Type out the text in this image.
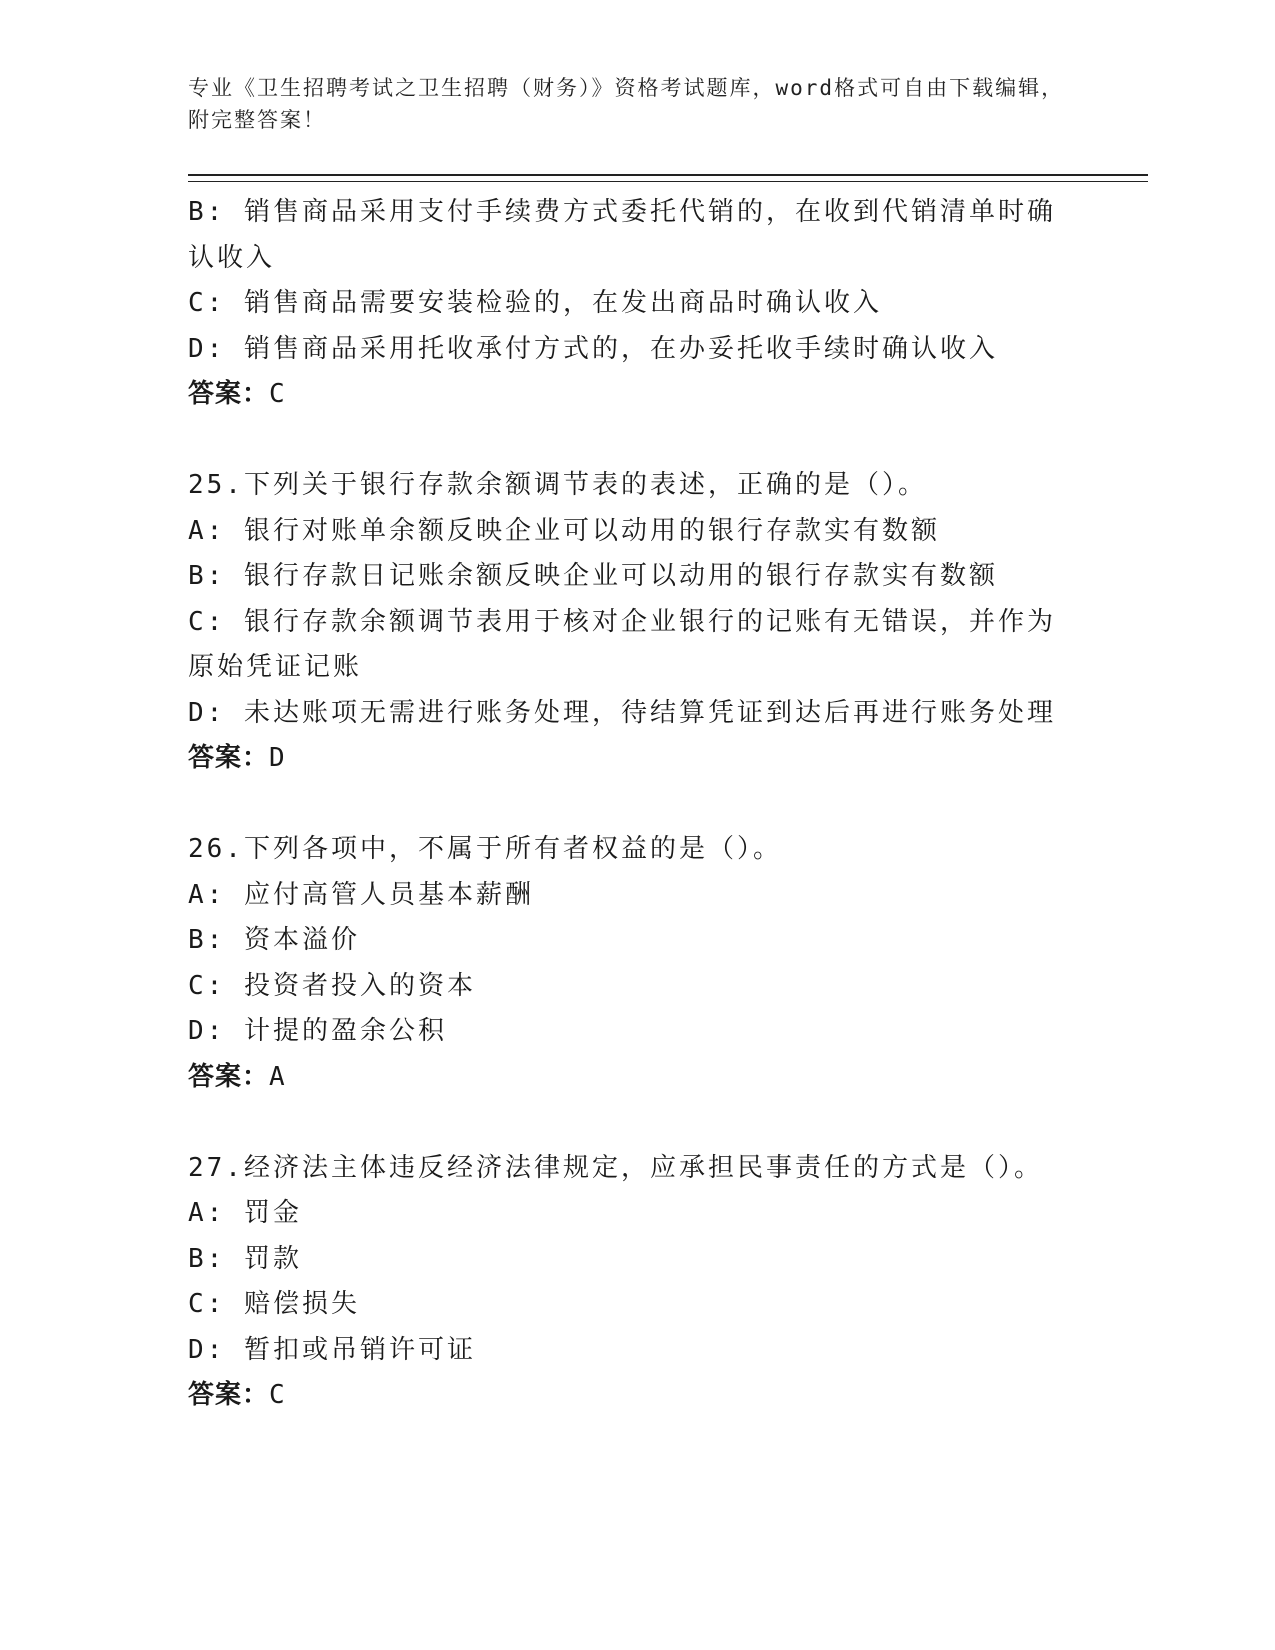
专业《卫生招聘考试之卫生招聘（财务）》资格考试题库，word格式可自由下载编辑，附完整答案！
B: 销售商品采用支付手续费方式委托代销的，在收到代销清单时确认收入
C: 销售商品需要安装检验的，在发出商品时确认收入
D: 销售商品采用托收承付方式的，在办妥托收手续时确认收入
答案：C
25.下列关于银行存款余额调节表的表述，正确的是（）。
A: 银行对账单余额反映企业可以动用的银行存款实有数额
B: 银行存款日记账余额反映企业可以动用的银行存款实有数额
C: 银行存款余额调节表用于核对企业银行的记账有无错误，并作为原始凭证记账
D: 未达账项无需进行账务处理，待结算凭证到达后再进行账务处理
答案：D
26.下列各项中，不属于所有者权益的是（）。
A: 应付高管人员基本薪酬
B: 资本溢价
C: 投资者投入的资本
D: 计提的盈余公积
答案：A
27.经济法主体违反经济法律规定，应承担民事责任的方式是（）。
A: 罚金
B: 罚款
C: 赔偿损失
D: 暂扣或吊销许可证
答案：C
